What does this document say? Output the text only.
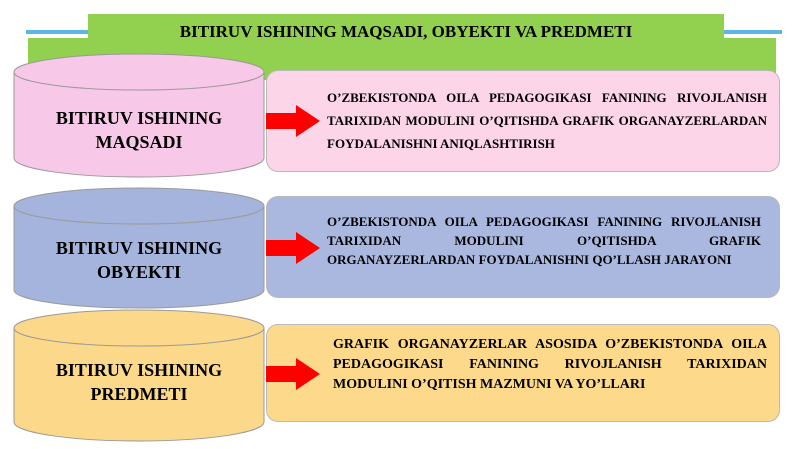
BITIRUV ISHINING MAQSADI, OBYEKTI VA PREDMETI
BITIRUV ISHINING
MAQSADI
O’ZBEKISTONDA OILA PEDAGOGIKASI FANINING RIVOJLANISH TARIXIDAN MODULINI O’QITISHDA GRAFIK ORGANAYZERLARDAN FOYDALANISHNI ANIQLASHTIRISH
BITIRUV ISHINING
OBYEKTI
O’ZBEKISTONDA OILA PEDAGOGIKASI FANINING RIVOJLANISH TARIXIDAN MODULINI O’QITISHDA GRAFIK ORGANAYZERLARDAN FOYDALANISHNI QO’LLASH JARAYONI
BITIRUV ISHINING
PREDMETI
GRAFIK ORGANAYZERLAR ASOSIDA O’ZBEKISTONDA OILA PEDAGOGIKASI FANINING RIVOJLANISH TARIXIDAN MODULINI O’QITISH MAZMUNI VA YO’LLARI
